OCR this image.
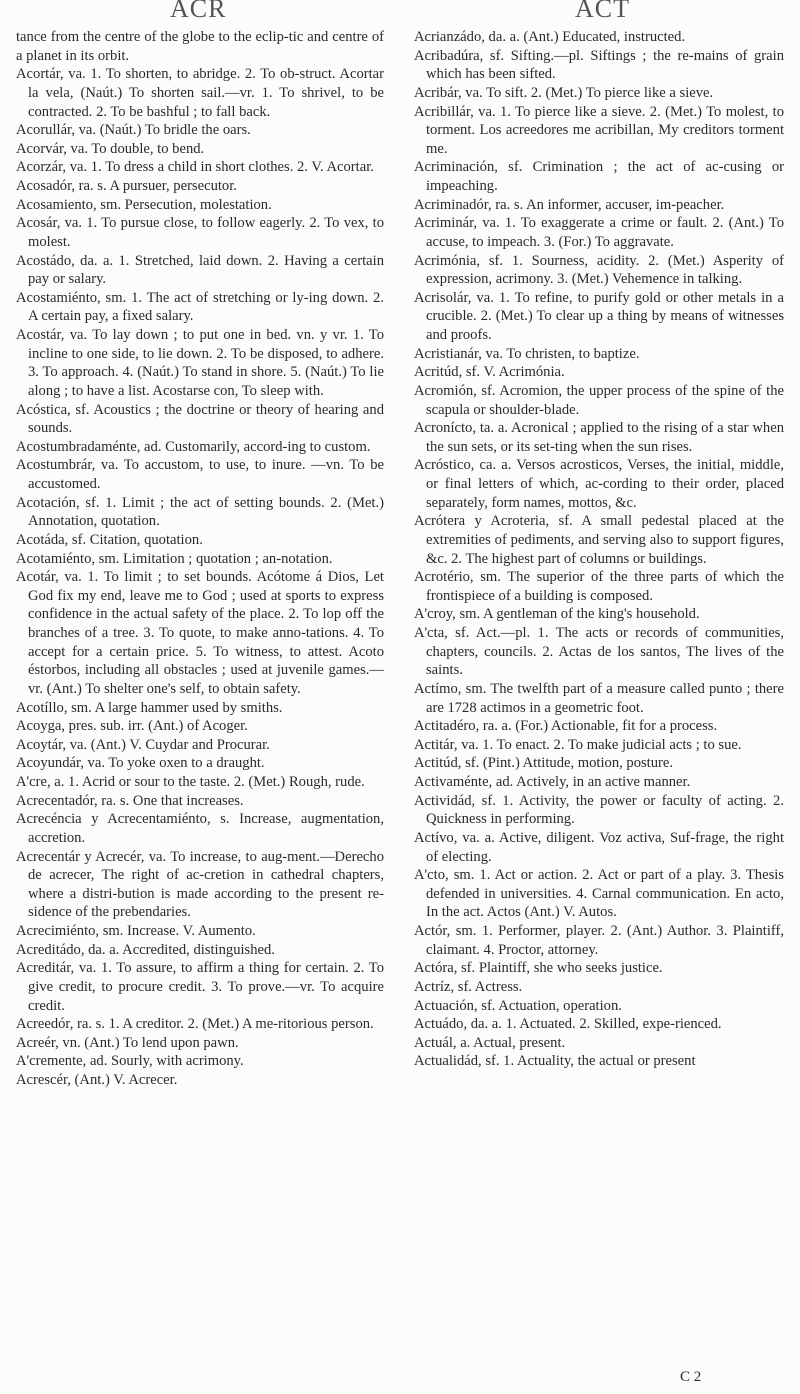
ACR	ACT

tance from the centre of the globe to the eclip-tic and centre of a planet in its orbit.

Acortár, va. 1. To shorten, to abridge. 2. To ob-struct. Acortar la vela, (Naút.) To shorten sail.—vr. 1. To shrivel, to be contracted. 2. To be bashful ; to fall back.

Acorullár, va. (Naút.) To bridle the oars.

Acorvár, va. To double, to bend.

Acorzár, va. 1. To dress a child in short clothes. 2. V. Acortar.

Acosadór, ra. s. A pursuer, persecutor.

Acosamiento, sm. Persecution, molestation.

Acosár, va. 1. To pursue close, to follow eagerly. 2. To vex, to molest.

Acostádo, da. a. 1. Stretched, laid down. 2. Having a certain pay or salary.

Acostamiénto, sm. 1. The act of stretching or ly-ing down. 2. A certain pay, a fixed salary.

Acostár, va. To lay down ; to put one in bed. vn. y vr. 1. To incline to one side, to lie down. 2. To be disposed, to adhere. 3. To approach. 4. (Naút.) To stand in shore. 5. (Naút.) To lie along ; to have a list. Acostarse con, To sleep with.

Acóstica, sf. Acoustics ; the doctrine or theory of hearing and sounds.

Acostumbradaménte, ad. Customarily, accord-ing to custom.

Acostumbrár, va. To accustom, to use, to inure. —vn. To be accustomed.

Acotación, sf. 1. Limit ; the act of setting bounds. 2. (Met.) Annotation, quotation.

Acotáda, sf. Citation, quotation.

Acotamiénto, sm. Limitation ; quotation ; an-notation.

Acotár, va. 1. To limit ; to set bounds. Acótome á Dios, Let God fix my end, leave me to God ; used at sports to express confidence in the actual safety of the place. 2. To lop off the branches of a tree. 3. To quote, to make anno-tations. 4. To accept for a certain price. 5. To witness, to attest. Acoto éstorbos, including all obstacles ; used at juvenile games.—vr. (Ant.) To shelter one's self, to obtain safety.

Acotíllo, sm. A large hammer used by smiths.

Acoyga, pres. sub. irr. (Ant.) of Acoger.

Acoytár, va. (Ant.) V. Cuydar and Procurar.

Acoyundár, va. To yoke oxen to a draught.

A'cre, a. 1. Acrid or sour to the taste. 2. (Met.) Rough, rude.

Acrecentadór, ra. s. One that increases.

Acrecéncia y Acrecentamiénto, s. Increase, augmentation, accretion.

Acrecentár y Acrecér, va. To increase, to aug-ment.—Derecho de acrecer, The right of ac-cretion in cathedral chapters, where a distri-bution is made according to the present re-sidence of the prebendaries.

Acrecimiénto, sm. Increase. V. Aumento.

Acreditádo, da. a. Accredited, distinguished.

Acreditár, va. 1. To assure, to affirm a thing for certain. 2. To give credit, to procure credit. 3. To prove.—vr. To acquire credit.

Acreedór, ra. s. 1. A creditor. 2. (Met.) A me-ritorious person.

Acreér, vn. (Ant.) To lend upon pawn.

A'cremente, ad. Sourly, with acrimony.

Acrescér, (Ant.) V. Acrecer.

Acrianzádo, da. a. (Ant.) Educated, instructed.

Acribadúra, sf. Sifting.—pl. Siftings ; the re-mains of grain which has been sifted.

Acribár, va. To sift. 2. (Met.) To pierce like a sieve.

Acribillár, va. 1. To pierce like a sieve. 2. (Met.) To molest, to torment. Los acreedores me acribillan, My creditors torment me.

Acriminación, sf. Crimination ; the act of ac-cusing or impeaching.

Acriminadór, ra. s. An informer, accuser, im-peacher.

Acriminár, va. 1. To exaggerate a crime or fault. 2. (Ant.) To accuse, to impeach. 3. (For.) To aggravate.

Acrimónia, sf. 1. Sourness, acidity. 2. (Met.) Asperity of expression, acrimony. 3. (Met.) Vehemence in talking.

Acrisolár, va. 1. To refine, to purify gold or other metals in a crucible. 2. (Met.) To clear up a thing by means of witnesses and proofs.

Acristianár, va. To christen, to baptize.

Acritúd, sf. V. Acrimónia.

Acromión, sf. Acromion, the upper process of the spine of the scapula or shoulder-blade.

Acronícto, ta. a. Acronical ; applied to the rising of a star when the sun sets, or its set-ting when the sun rises.

Acróstico, ca. a. Versos acrosticos, Verses, the initial, middle, or final letters of which, ac-cording to their order, placed separately, form names, mottos, &c.

Acrótera y Acroteria, sf. A small pedestal placed at the extremities of pediments, and serving also to support figures, &c. 2. The highest part of columns or buildings.

Acrotério, sm. The superior of the three parts of which the frontispiece of a building is composed.

A'croy, sm. A gentleman of the king's household.

A'cta, sf. Act.—pl. 1. The acts or records of communities, chapters, councils. 2. Actas de los santos, The lives of the saints.

Actímo, sm. The twelfth part of a measure called punto ; there are 1728 actimos in a geometric foot.

Actitadéro, ra. a. (For.) Actionable, fit for a process.

Actitár, va. 1. To enact. 2. To make judicial acts ; to sue.

Actitúd, sf. (Pint.) Attitude, motion, posture.

Activaménte, ad. Actively, in an active manner.

Actividád, sf. 1. Activity, the power or faculty of acting. 2. Quickness in performing.

Actívo, va. a. Active, diligent. Voz activa, Suf-frage, the right of electing.

A'cto, sm. 1. Act or action. 2. Act or part of a play. 3. Thesis defended in universities. 4. Carnal communication. En acto, In the act. Actos (Ant.) V. Autos.

Actór, sm. 1. Performer, player. 2. (Ant.) Author. 3. Plaintiff, claimant. 4. Proctor, attorney.

Actóra, sf. Plaintiff, she who seeks justice.

Actríz, sf. Actress.

Actuación, sf. Actuation, operation.

Actuádo, da. a. 1. Actuated. 2. Skilled, expe-rienced.

Actuál, a. Actual, present.

Actualidád, sf. 1. Actuality, the actual or present

C 2
